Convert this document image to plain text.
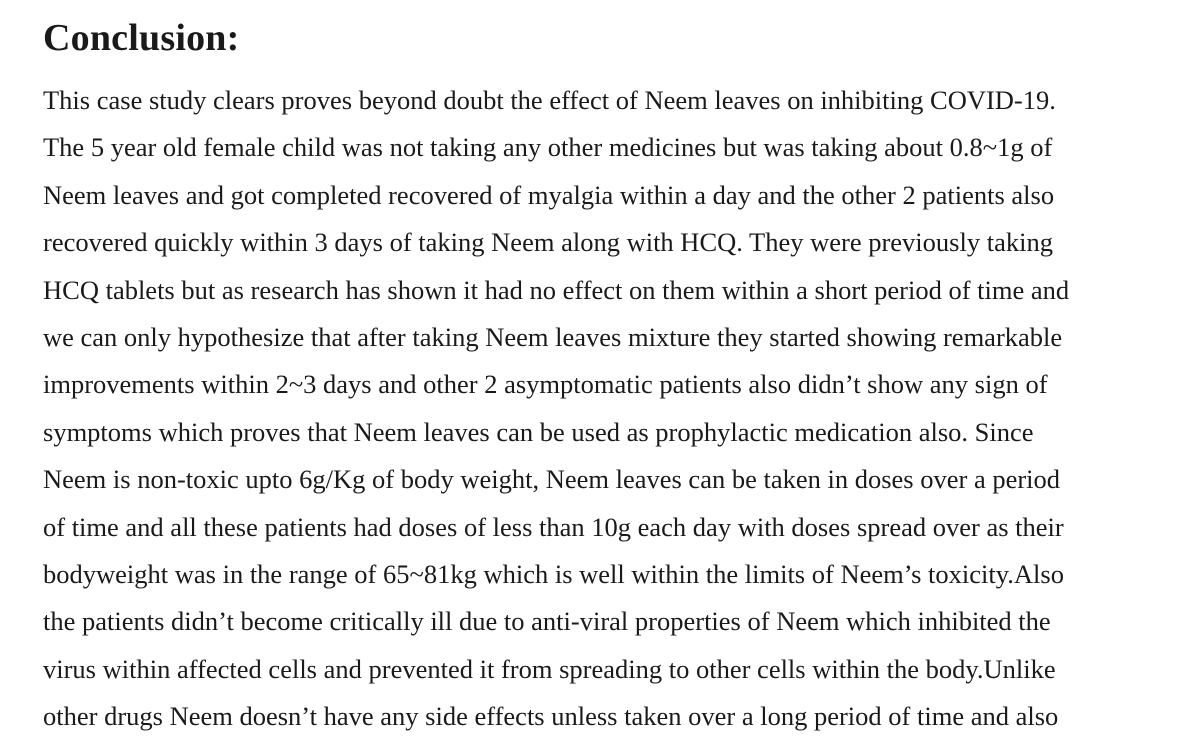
Conclusion:
This case study clears proves beyond doubt the effect of Neem leaves on inhibiting COVID-19.
The 5 year old female child was not taking any other medicines but was taking about 0.8~1g of
Neem leaves and got completed recovered of myalgia within a day and the other 2 patients also
recovered quickly within 3 days of taking Neem along with HCQ. They were previously taking
HCQ tablets but as research has shown it had no effect on them within a short period of time and
we can only hypothesize that after taking Neem leaves mixture they started showing remarkable
improvements within 2~3 days and other 2 asymptomatic patients also didn’t show any sign of
symptoms which proves that Neem leaves can be used as prophylactic medication also. Since
Neem is non-toxic upto 6g/Kg of body weight, Neem leaves can be taken in doses over a period
of time and all these patients had doses of less than 10g each day with doses spread over as their
bodyweight was in the range of 65~81kg which is well within the limits of Neem’s toxicity.Also
the patients didn’t become critically ill due to anti-viral properties of Neem which inhibited the
virus within affected cells and prevented it from spreading to other cells within the body.Unlike
other drugs Neem doesn’t have any side effects unless taken over a long period of time and also
